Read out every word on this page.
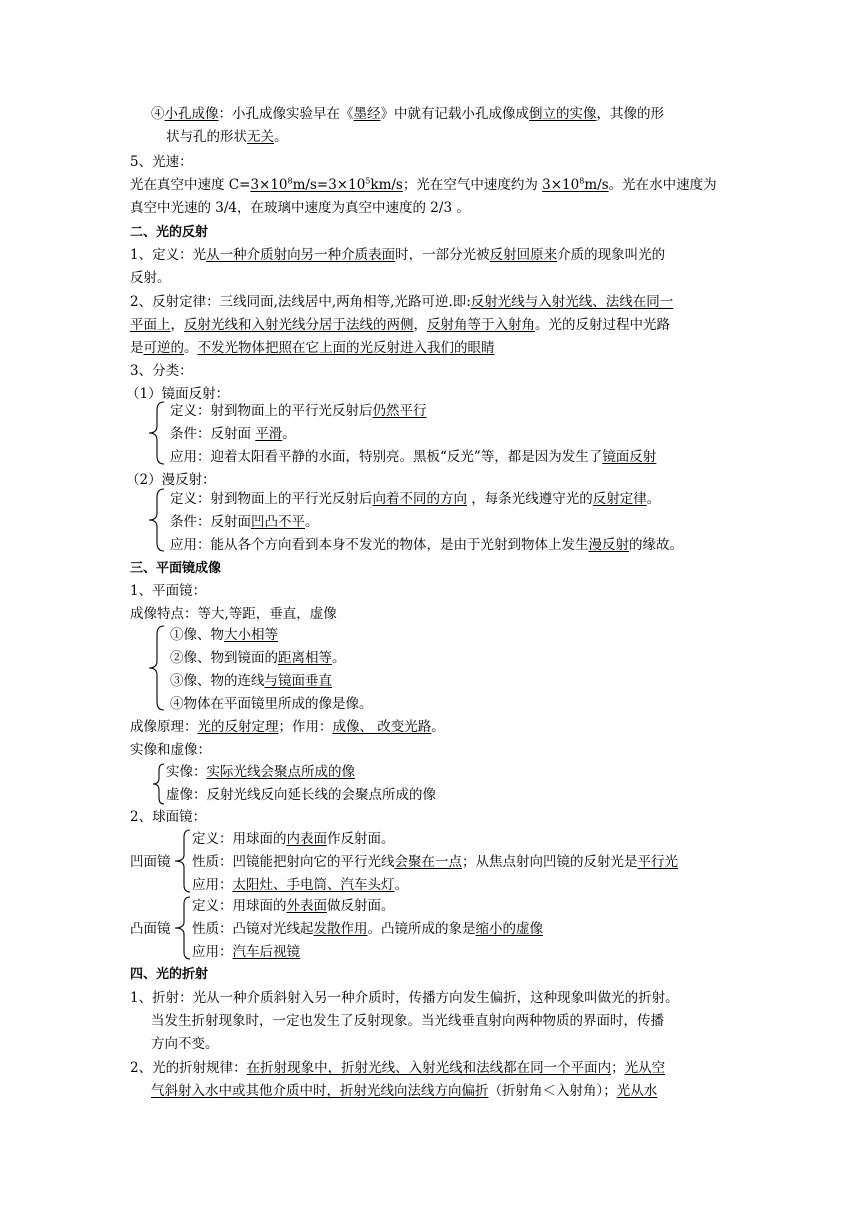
④小孔成像：小孔成像实验早在《墨经》中就有记载小孔成像成倒立的实像，其像的形
状与孔的形状无关。
5、光速：
光在真空中速度 $C=3\times 10^8m/s=3\times 10^5km/s$；光在空气中速度约为 $3\times 10^8m/s$。光在水中速度为
真空中光速的 3/4，在玻璃中速度为真空中速度的 2/3 。
二、光的反射
1、定义：光从一种介质射向另一种介质表面时，一部分光被反射回原来介质的现象叫光的
反射。
2、反射定律：三线同面,法线居中,两角相等,光路可逆.即:反射光线与入射光线、法线在同一
平面上，反射光线和入射光线分居于法线的两侧，反射角等于入射角。光的反射过程中光路
是可逆的。不发光物体把照在它上面的光反射进入我们的眼睛
3、分类：
（1）镜面反射：
定义：射到物面上的平行光反射后仍然平行
条件：反射面 平滑。
应用：迎着太阳看平静的水面，特别亮。黑板“反光”等，都是因为发生了镜面反射
（2）漫反射：
定义：射到物面上的平行光反射后向着不同的方向 ，每条光线遵守光的反射定律。
条件：反射面凹凸不平。
应用：能从各个方向看到本身不发光的物体，是由于光射到物体上发生漫反射的缘故。
三、平面镜成像
1、平面镜：
成像特点：等大,等距，垂直，虚像
①像、物大小相等
②像、物到镜面的距离相等。
③像、物的连线与镜面垂直
④物体在平面镜里所成的像是像。
成像原理：光的反射定理；作用：成像、 改变光路。
实像和虚像：
实像：实际光线会聚点所成的像
虚像：反射光线反向延长线的会聚点所成的像
2、球面镜：
定义：用球面的内表面作反射面。
凹面镜 性质：凹镜能把射向它的平行光线会聚在一点；从焦点射向凹镜的反射光是平行光
应用：太阳灶、手电筒、汽车头灯。
定义：用球面的外表面做反射面。
凸面镜 性质：凸镜对光线起发散作用。凸镜所成的象是缩小的虚像
应用：汽车后视镜
四、光的折射
1、折射：光从一种介质斜射入另一种介质时，传播方向发生偏折，这种现象叫做光的折射。
当发生折射现象时，一定也发生了反射现象。当光线垂直射向两种物质的界面时，传播
方向不变。
2、光的折射规律：在折射现象中，折射光线、入射光线和法线都在同一个平面内；光从空
气斜射入水中或其他介质中时，折射光线向法线方向偏折（折射角＜入射角）；光从水
